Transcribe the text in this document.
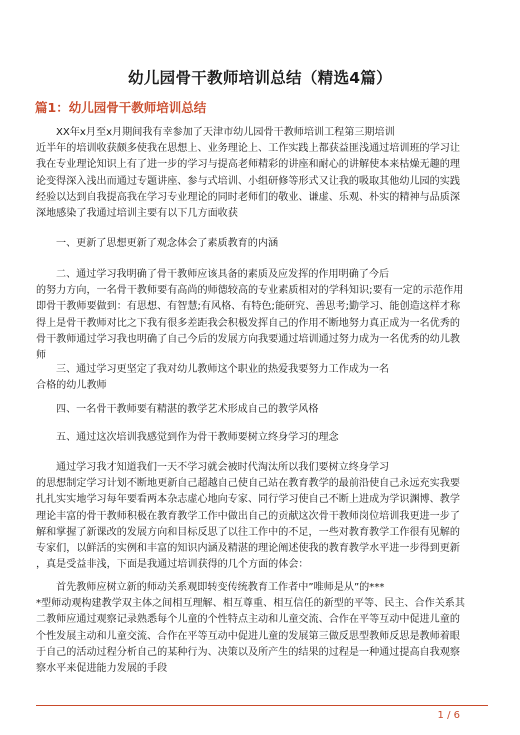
幼儿园骨干教师培训总结（精选4篇）
篇1：幼儿园骨干教师培训总结
XX年x月至x月期间我有幸参加了天津市幼儿园骨干教师培训工程第三期培训
近半年的培训收获颇多使我在思想上、业务理论上、工作实践上都获益匪浅通过培训班的学习让
我在专业理论知识上有了进一步的学习与提高老师精彩的讲座和耐心的讲解使本来枯燥无趣的理
论变得深入浅出而通过专题讲座、参与式培训、小组研修等形式又让我的吸取其他幼儿园的实践
经验以达到自我提高我在学习专业理论的同时老师们的敬业、谦虚、乐观、朴实的精神与品质深
深地感染了我通过培训主要有以下几方面收获
一、更新了思想更新了观念体会了素质教育的内涵
二、通过学习我明确了骨干教师应该具备的素质及应发挥的作用明确了今后
的努力方向，一名骨干教师要有高尚的师德较高的专业素质相对的学科知识;要有一定的示范作用
即骨干教师要做到：有思想、有智慧;有风格、有特色;能研究、善思考;勤学习、能创造这样才称
得上是骨干教师对比之下我有很多差距我会积极发挥自己的作用不断地努力真正成为一名优秀的
骨干教师通过学习我也明确了自己今后的发展方向我要通过培训通过努力成为一名优秀的幼儿教
师
三、通过学习更坚定了我对幼儿教师这个职业的热爱我要努力工作成为一名
合格的幼儿教师
四、一名骨干教师要有精湛的教学艺术形成自己的教学风格
五、通过这次培训我感觉到作为骨干教师要树立终身学习的理念
通过学习我才知道我们一天不学习就会被时代淘汰所以我们要树立终身学习
的思想制定学习计划不断地更新自己超越自己使自己站在教育教学的最前沿使自己永远充实我要
扎扎实实地学习每年要看两本杂志虚心地向专家、同行学习使自己不断上进成为学识渊博、教学
理论丰富的骨干教师积极在教育教学工作中做出自己的贡献这次骨干教师岗位培训我更进一步了
解和掌握了新课改的发展方向和目标反思了以往工作中的不足，一些对教育教学工作很有见解的
专家们，以鲜活的实例和丰富的知识内涵及精湛的理论阐述使我的教育教学水平进一步得到更新
，真是受益非浅，下面是我通过培训获得的几个方面的体会：
首先教师应树立新的师动关系观即转变传统教育工作者中”唯师是从”的***
*型师动观构建教学双主体之间相互理解、相互尊重、相互信任的新型的平等、民主、合作关系其
二教师应通过观察记录熟悉每个儿童的个性特点主动和儿童交流、合作在平等互动中促进儿童的
个性发展主动和儿童交流、合作在平等互动中促进儿童的发展第三做反思型教师反思是教师着眼
于自己的活动过程分析自己的某种行为、决策以及所产生的结果的过程是一种通过提高自我观察
察水平来促进能力发展的手段
1 / 6
